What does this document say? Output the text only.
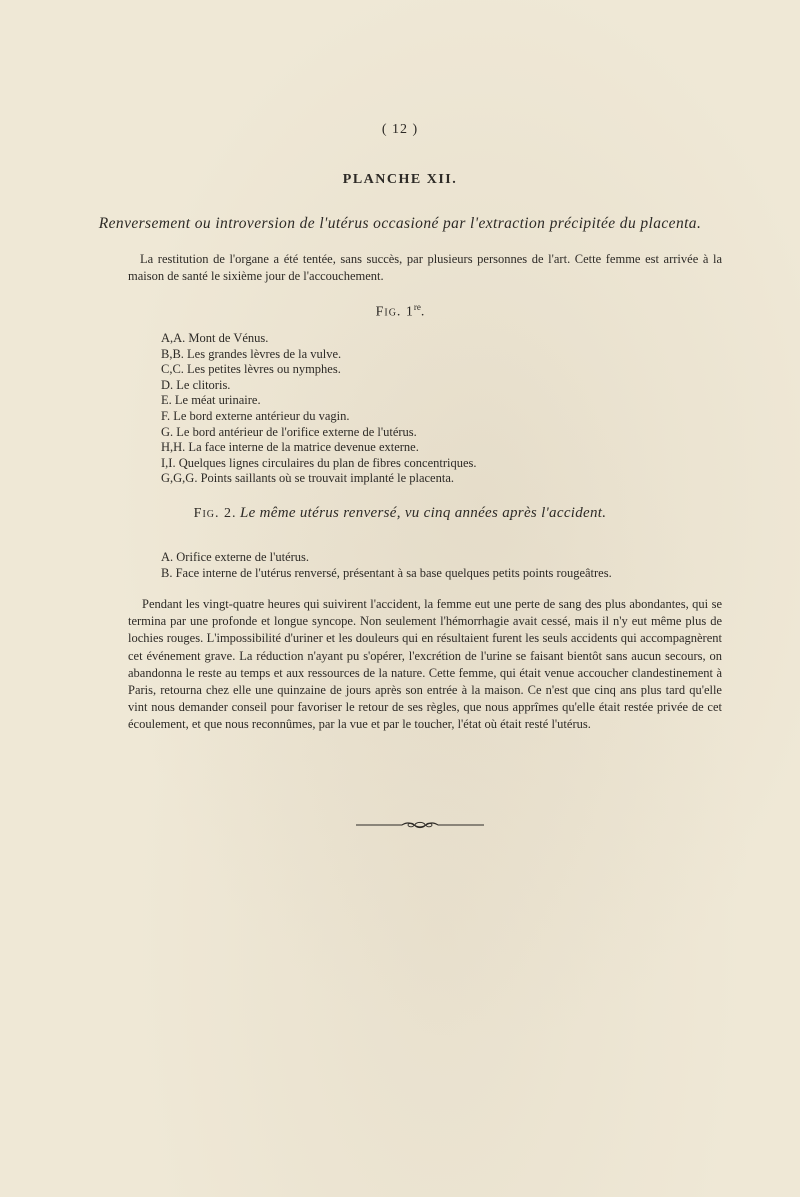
( 12 )
PLANCHE XII.
Renversement ou introversion de l'utérus occasioné par l'extraction précipitée du placenta.

La restitution de l'organe a été tentée, sans succès, par plusieurs personnes de l'art. Cette femme est arrivée à la maison de santé le sixième jour de l'accouchement.

Fig. 1re.
A,A. Mont de Vénus.
B,B. Les grandes lèvres de la vulve.
C,C. Les petites lèvres ou nymphes.
D. Le clitoris.
E. Le méat urinaire.
F. Le bord externe antérieur du vagin.
G. Le bord antérieur de l'orifice externe de l'utérus.
H,H. La face interne de la matrice devenue externe.
I,I. Quelques lignes circulaires du plan de fibres concentriques.
G,G,G. Points saillants où se trouvait implanté le placenta.
Fig. 2. Le même utérus renversé, vu cinq années après l'accident.
A. Orifice externe de l'utérus.
B. Face interne de l'utérus renversé, présentant à sa base quelques petits points rougeâtres.

Pendant les vingt-quatre heures qui suivirent l'accident, la femme eut une perte de sang des plus abondantes, qui se termina par une profonde et longue syncope. Non seulement l'hémorrhagie avait cessé, mais il n'y eut même plus de lochies rouges. L'impossibilité d'uriner et les douleurs qui en résultaient furent les seuls accidents qui accompagnèrent cet événement grave. La réduction n'ayant pu s'opérer, l'excrétion de l'urine se faisant bientôt sans aucun secours, on abandonna le reste au temps et aux ressources de la nature. Cette femme, qui était venue accoucher clandestinement à Paris, retourna chez elle une quinzaine de jours après son entrée à la maison. Ce n'est que cinq ans plus tard qu'elle vint nous demander conseil pour favoriser le retour de ses règles, que nous apprîmes qu'elle était restée privée de cet écoulement, et que nous reconnûmes, par la vue et par le toucher, l'état où était resté l'utérus.
